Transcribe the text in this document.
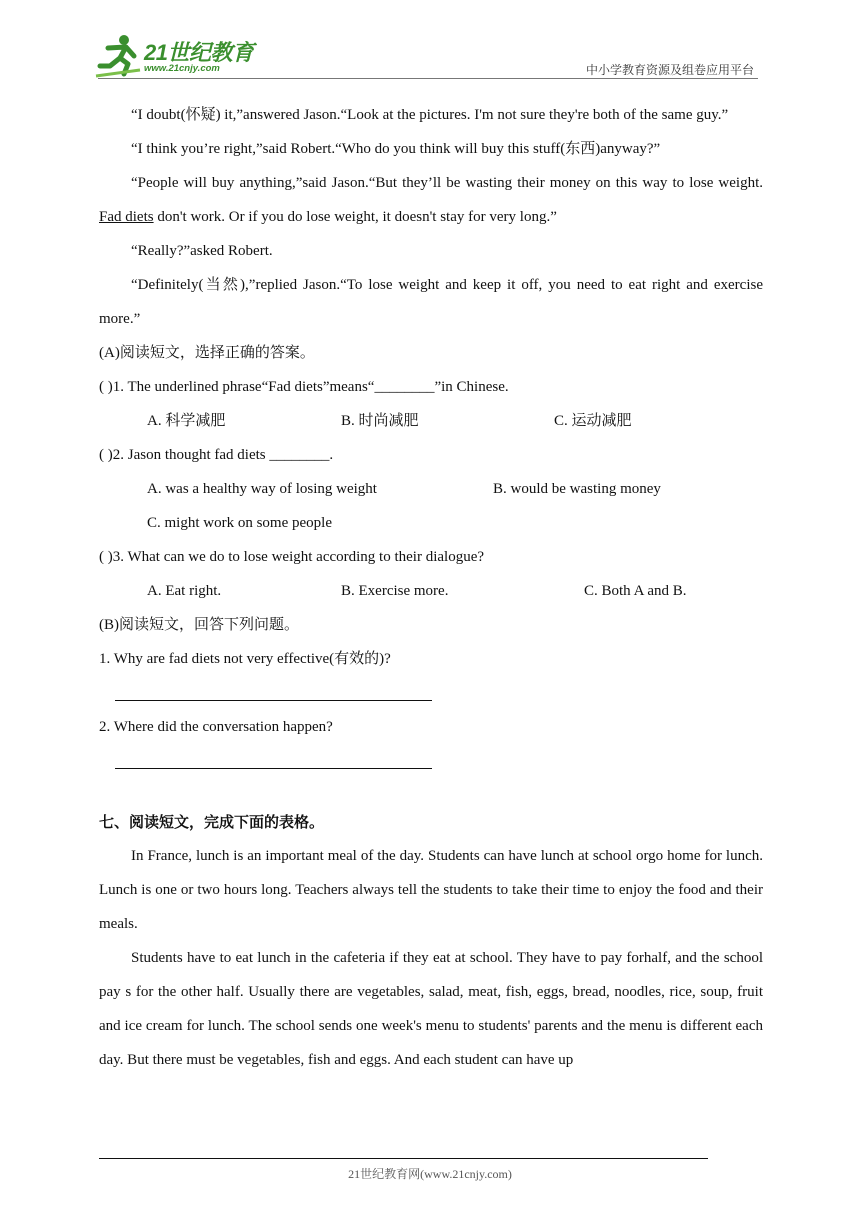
21世纪教育
www.21cnjy.com	中小学教育资源及组卷应用平台

“I doubt(怀疑) it,”answered Jason.“Look at the pictures. I'm not sure they're both of the same guy.”

“I think you’re right,”said Robert.“Who do you think will buy this stuff(东西)anyway?”

“People will buy anything,”said Jason.“But they’ll be wasting their money on this way to lose weight. Fad diets don't work. Or if you do lose weight, it doesn't stay for very long.”

“Really?”asked Robert.

“Definitely(当然),”replied Jason.“To lose weight and keep it off, you need to eat right and exercise more.”

(A)阅读短文，选择正确的答案。

( )1. The underlined phrase“Fad diets”means“________”in Chinese.

A. 科学减肥	B. 时尚减肥	C. 运动减肥

( )2. Jason thought fad diets ________.

A. was a healthy way of losing weight	B. would be wasting money
C. might work on some people

( )3. What can we do to lose weight according to their dialogue?

A. Eat right.	B. Exercise more.	C. Both A and B.

(B)阅读短文，回答下列问题。

1. Why are fad diets not very effective(有效的)?

2. Where did the conversation happen?

七、阅读短文，完成下面的表格。

In France, lunch is an important meal of the day. Students can have lunch at school orgo home for lunch. Lunch is one or two hours long. Teachers always tell the students to take their time to enjoy the food and their meals.

Students have to eat lunch in the cafeteria if they eat at school. They have to pay forhalf, and the school pay s for the other half. Usually there are vegetables, salad, meat, fish, eggs, bread, noodles, rice, soup, fruit and ice cream for lunch. The school sends one week's menu to students' parents and the menu is different each day. But there must be vegetables, fish and eggs. And each student can have up

21世纪教育网(www.21cnjy.com)
